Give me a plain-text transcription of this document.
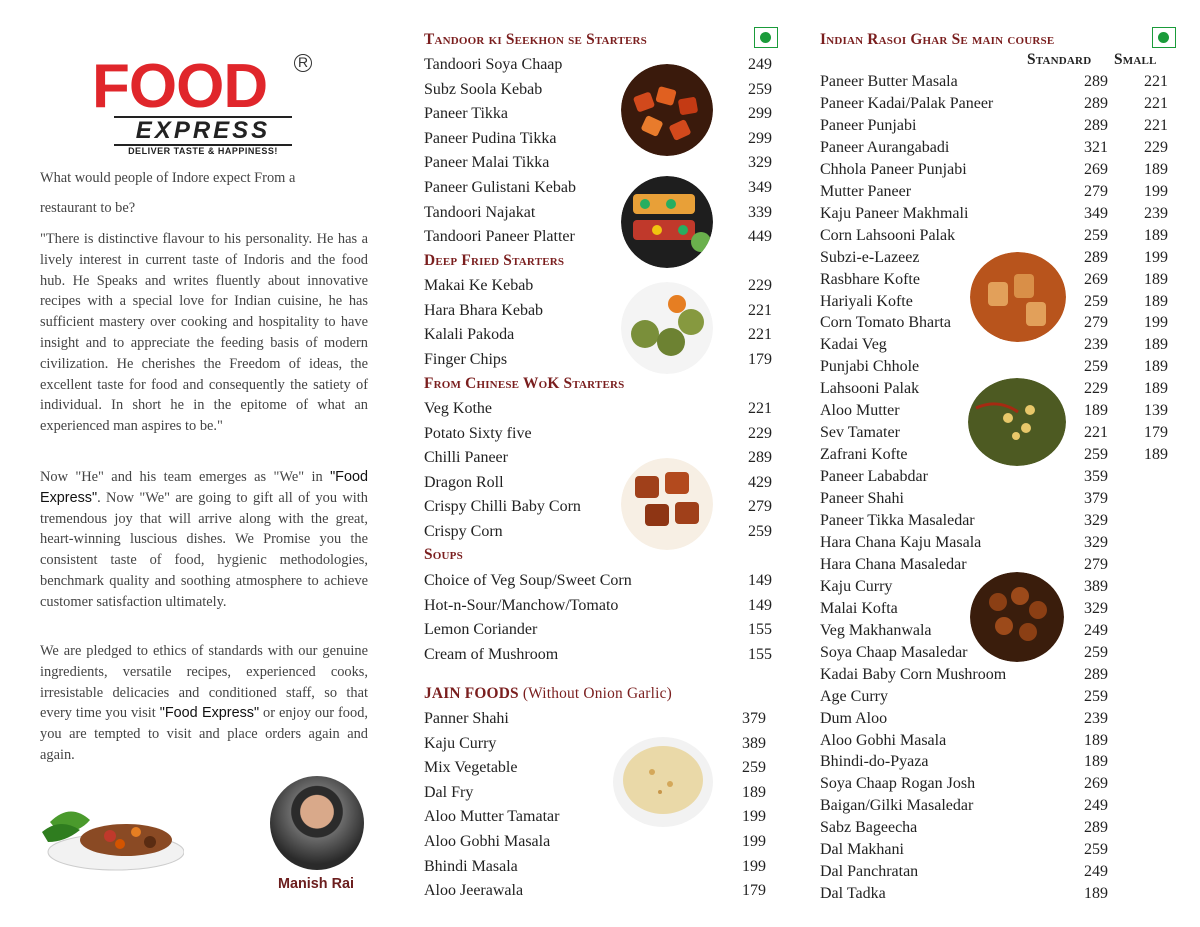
FOOD R
EXPRESS
DELIVER TASTE & HAPPINESS!
What would people of Indore expect From a
restaurant to be?
"There is distinctive flavour to his personality. He has a lively interest in current taste of Indoris and the food hub. He Speaks and writes fluently about innovative recipes with a special love for Indian cuisine, he has sufficient mastery over cooking and hospitality to have insight and to appreciate the feeding basis of modern civilization. He cherishes the Freedom of ideas, the excellent taste for food and consequently the satiety of individual. In short he in the epitome of what an experienced man aspires to be."
Now "He" and his team emerges as "We" in "Food Express". Now "We" are going to gift all of you with tremendous joy that will arrive along with the great, heart-winning luscious dishes. We Promise you the consistent taste of food, hygienic methodologies, benchmark quality and soothing atmosphere to achieve customer satisfaction ultimately.
We are pledged to ethics of standards with our genuine ingredients, versatile recipes, experienced cooks, irresistable delicacies and conditioned staff, so that every time you visit "Food Express" or enjoy our food, you are tempted to visit and place orders again and again.
Manish Rai
Tandoor ki Seekhon se Starters
Tandoori Soya Chaap	249
Subz Soola Kebab	259
Paneer Tikka	299
Paneer Pudina Tikka	299
Paneer Malai Tikka	329
Paneer Gulistani Kebab	349
Tandoori Najakat	339
Tandoori Paneer Platter	449
Deep Fried Starters
Makai Ke Kebab	229
Hara Bhara Kebab	221
Kalali Pakoda	221
Finger Chips	179
From Chinese WoK Starters
Veg Kothe	221
Potato Sixty five	229
Chilli Paneer	289
Dragon Roll	429
Crispy Chilli Baby Corn	279
Crispy Corn	259
Soups
Choice of Veg Soup/Sweet Corn	149
Hot-n-Sour/Manchow/Tomato	149
Lemon Coriander	155
Cream of Mushroom	155
JAIN FOODS (Without Onion Garlic)
Panner Shahi	379
Kaju Curry	389
Mix Vegetable	259
Dal Fry	189
Aloo Mutter Tamatar	199
Aloo Gobhi Masala	199
Bhindi Masala	199
Aloo Jeerawala	179
Indian Rasoi Ghar Se main course
Standard Small
Paneer Butter Masala	289	221
Paneer Kadai/Palak Paneer	289	221
Paneer Punjabi	289	221
Paneer Aurangabadi	321	229
Chhola Paneer Punjabi	269	189
Mutter Paneer	279	199
Kaju Paneer Makhmali	349	239
Corn Lahsooni Palak	259	189
Subzi-e-Lazeez	289	199
Rasbhare Kofte	269	189
Hariyali Kofte	259	189
Corn Tomato Bharta	279	199
Kadai Veg	239	189
Punjabi Chhole	259	189
Lahsooni Palak	229	189
Aloo Mutter	189	139
Sev Tamater	221	179
Zafrani Kofte	259	189
Paneer Lababdar	359
Paneer Shahi	379
Paneer Tikka Masaledar	329
Hara Chana Kaju Masala	329
Hara Chana Masaledar	279
Kaju Curry	389
Malai Kofta	329
Veg Makhanwala	249
Soya Chaap Masaledar	259
Kadai Baby Corn Mushroom	289
Age Curry	259
Dum Aloo	239
Aloo Gobhi Masala	189
Bhindi-do-Pyaza	189
Soya Chaap Rogan Josh	269
Baigan/Gilki Masaledar	249
Sabz Bageecha	289
Dal Makhani	259
Dal Panchratan	249
Dal Tadka	189
